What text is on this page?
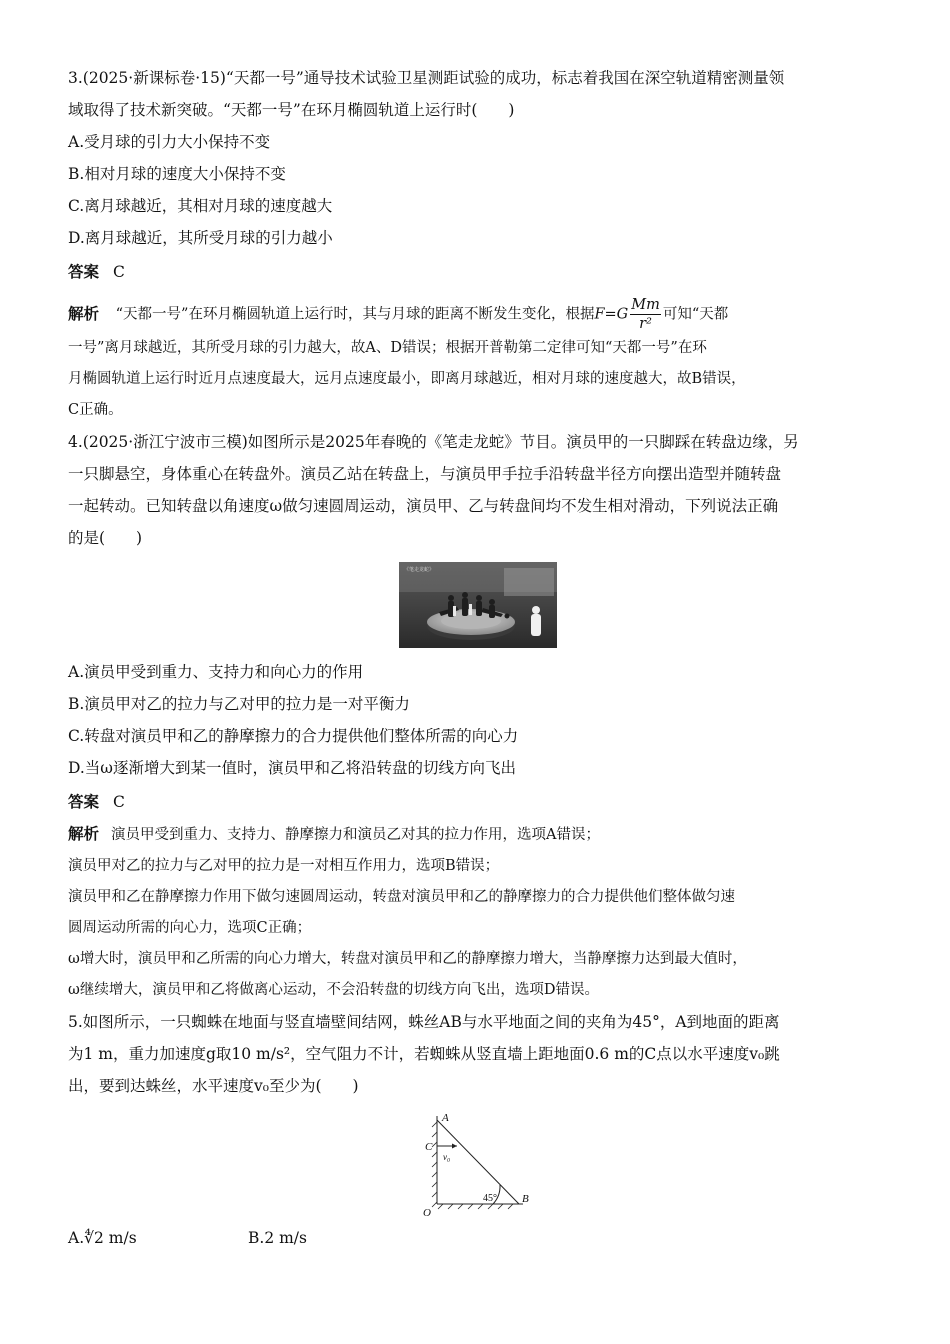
3.(2025·新课标卷·15)“天都一号”通导技术试验卫星测距试验的成功，标志着我国在深空轨道精密测量领
域取得了技术新突破。“天都一号”在环月椭圆轨道上运行时(　　)
A.受月球的引力大小保持不变
B.相对月球的速度大小保持不变
C.离月球越近，其相对月球的速度越大
D.离月球越近，其所受月球的引力越小
答案 C
解析 “天都一号”在环月椭圆轨道上运行时，其与月球的距离不断发生变化，根据$F=G \frac{Mm}{\text{r²}}$ 可知“天都
一号”离月球越近，其所受月球的引力越大，故A、D错误；根据开普勒第二定律可知“天都一号”在环
月椭圆轨道上运行时近月点速度最大，远月点速度最小，即离月球越近，相对月球的速度越大，故B错误，
C正确。
4.(2025·浙江宁波市三模)如图所示是2025年春晚的《笔走龙蛇》节目。演员甲的一只脚踩在转盘边缘，另
一只脚悬空，身体重心在转盘外。演员乙站在转盘上，与演员甲手拉手沿转盘半径方向摆出造型并随转盘
一起转动。已知转盘以角速度ω做匀速圆周运动，演员甲、乙与转盘间均不发生相对滑动，下列说法正确
的是(　　)
《笔走龙蛇》
A.演员甲受到重力、支持力和向心力的作用
B.演员甲对乙的拉力与乙对甲的拉力是一对平衡力
C.转盘对演员甲和乙的静摩擦力的合力提供他们整体所需的向心力
D.当ω逐渐增大到某一值时，演员甲和乙将沿转盘的切线方向飞出
答案 C
解析 演员甲受到重力、支持力、静摩擦力和演员乙对其的拉力作用，选项A错误；
演员甲对乙的拉力与乙对甲的拉力是一对相互作用力，选项B错误；
演员甲和乙在静摩擦力作用下做匀速圆周运动，转盘对演员甲和乙的静摩擦力的合力提供他们整体做匀速
圆周运动所需的向心力，选项C正确；
ω增大时，演员甲和乙所需的向心力增大，转盘对演员甲和乙的静摩擦力增大，当静摩擦力达到最大值时，
ω继续增大，演员甲和乙将做离心运动，不会沿转盘的切线方向飞出，选项D错误。
5.如图所示，一只蜘蛛在地面与竖直墙壁间结网，蛛丝AB与水平地面之间的夹角为45°，A到地面的距离
为1 m，重力加速度g取10 m/s²，空气阻力不计，若蜘蛛从竖直墙上距地面0.6 m的C点以水平速度v₀跳
出，要到达蛛丝，水平速度v₀至少为(　　)
A
C
v₀
B
O
45°
A.∜2 m/s	B.2 m/s
